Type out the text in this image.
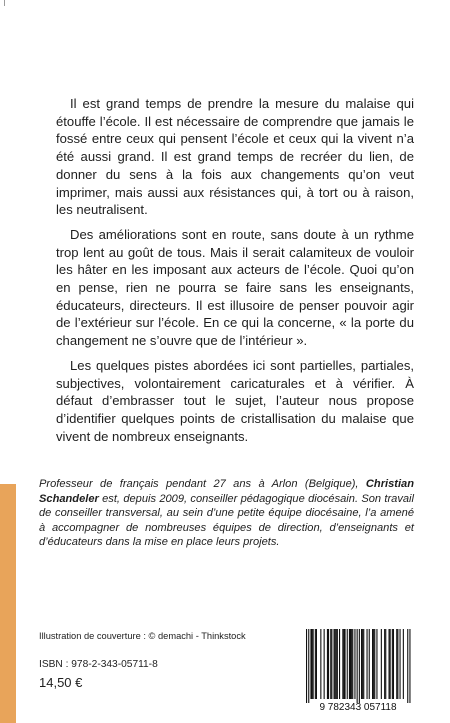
Il est grand temps de prendre la mesure du malaise qui étouffe l’école. Il est nécessaire de comprendre que jamais le fossé entre ceux qui pensent l’école et ceux qui la vivent n’a été aussi grand. Il est grand temps de recréer du lien, de donner du sens à la fois aux changements qu’on veut imprimer, mais aussi aux résistances qui, à tort ou à raison, les neutralisent.

Des améliorations sont en route, sans doute à un rythme trop lent au goût de tous. Mais il serait calamiteux de vouloir les hâter en les imposant aux acteurs de l’école. Quoi qu’on en pense, rien ne pourra se faire sans les enseignants, éducateurs, directeurs. Il est illusoire de penser pouvoir agir de l’extérieur sur l’école. En ce qui la concerne, « la porte du changement ne s’ouvre que de l’intérieur ».

Les quelques pistes abordées ici sont partielles, partiales, subjectives, volontairement caricaturales et à vérifier. À défaut d’embrasser tout le sujet, l’auteur nous propose d’identifier quelques points de cristallisation du malaise que vivent de nombreux enseignants.

Professeur de français pendant 27 ans à Arlon (Belgique), Christian Schandeler est, depuis 2009, conseiller pédagogique diocésain. Son travail de conseiller transversal, au sein d’une petite équipe diocésaine, l’a amené à accompagner de nombreuses équipes de direction, d’enseignants et d’éducateurs dans la mise en place leurs projets.
Illustration de couverture : © demachi - Thinkstock
ISBN : 978-2-343-05711-8
14,50 €
9 782343 057118
